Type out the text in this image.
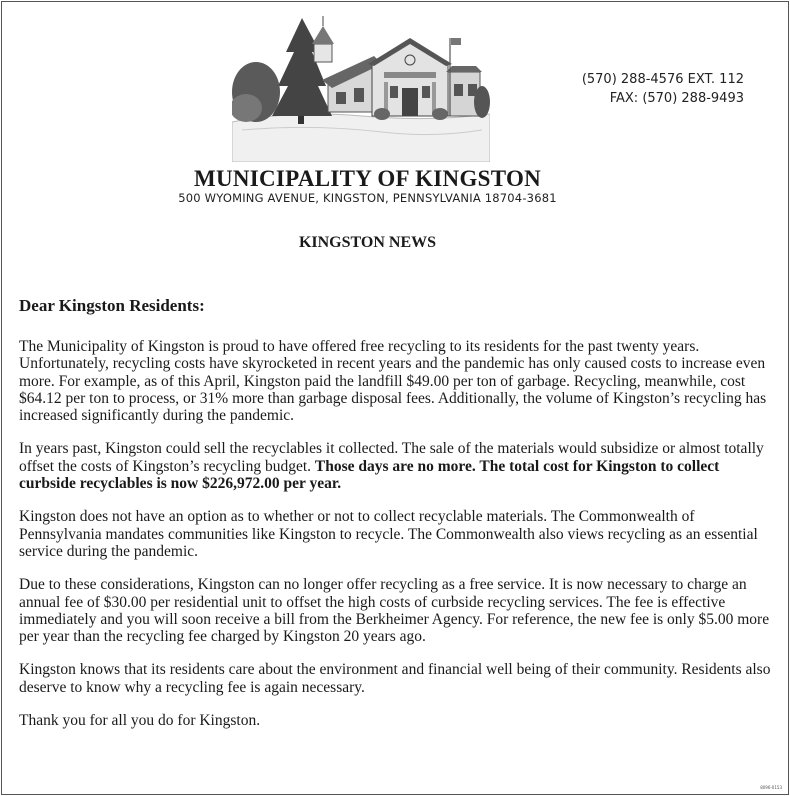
(570) 288-4576 EXT. 112
FAX: (570) 288-9493
MUNICIPALITY OF KINGSTON
500 WYOMING AVENUE, KINGSTON, PENNSYLVANIA 18704-3681
KINGSTON NEWS
Dear Kingston Residents:

The Municipality of Kingston is proud to have offered free recycling to its residents for the past twenty years. Unfortunately, recycling costs have skyrocketed in recent years and the pandemic has only caused costs to increase even more. For example, as of this April, Kingston paid the landfill $49.00 per ton of garbage. Recycling, meanwhile, cost $64.12 per ton to process, or 31% more than garbage disposal fees. Additionally, the volume of Kingston’s recycling has increased significantly during the pandemic.

In years past, Kingston could sell the recyclables it collected. The sale of the materials would subsidize or almost totally offset the costs of Kingston’s recycling budget. Those days are no more. The total cost for Kingston to collect curbside recyclables is now $226,972.00 per year.

Kingston does not have an option as to whether or not to collect recyclable materials. The Commonwealth of Pennsylvania mandates communities like Kingston to recycle. The Commonwealth also views recycling as an essential service during the pandemic.

Due to these considerations, Kingston can no longer offer recycling as a free service. It is now necessary to charge an annual fee of $30.00 per residential unit to offset the high costs of curbside recycling services. The fee is effective immediately and you will soon receive a bill from the Berkheimer Agency. For reference, the new fee is only $5.00 more per year than the recycling fee charged by Kingston 20 years ago.

Kingston knows that its residents care about the environment and financial well being of their community. Residents also deserve to know why a recycling fee is again necessary.

Thank you for all you do for Kingston.

8096-0153
